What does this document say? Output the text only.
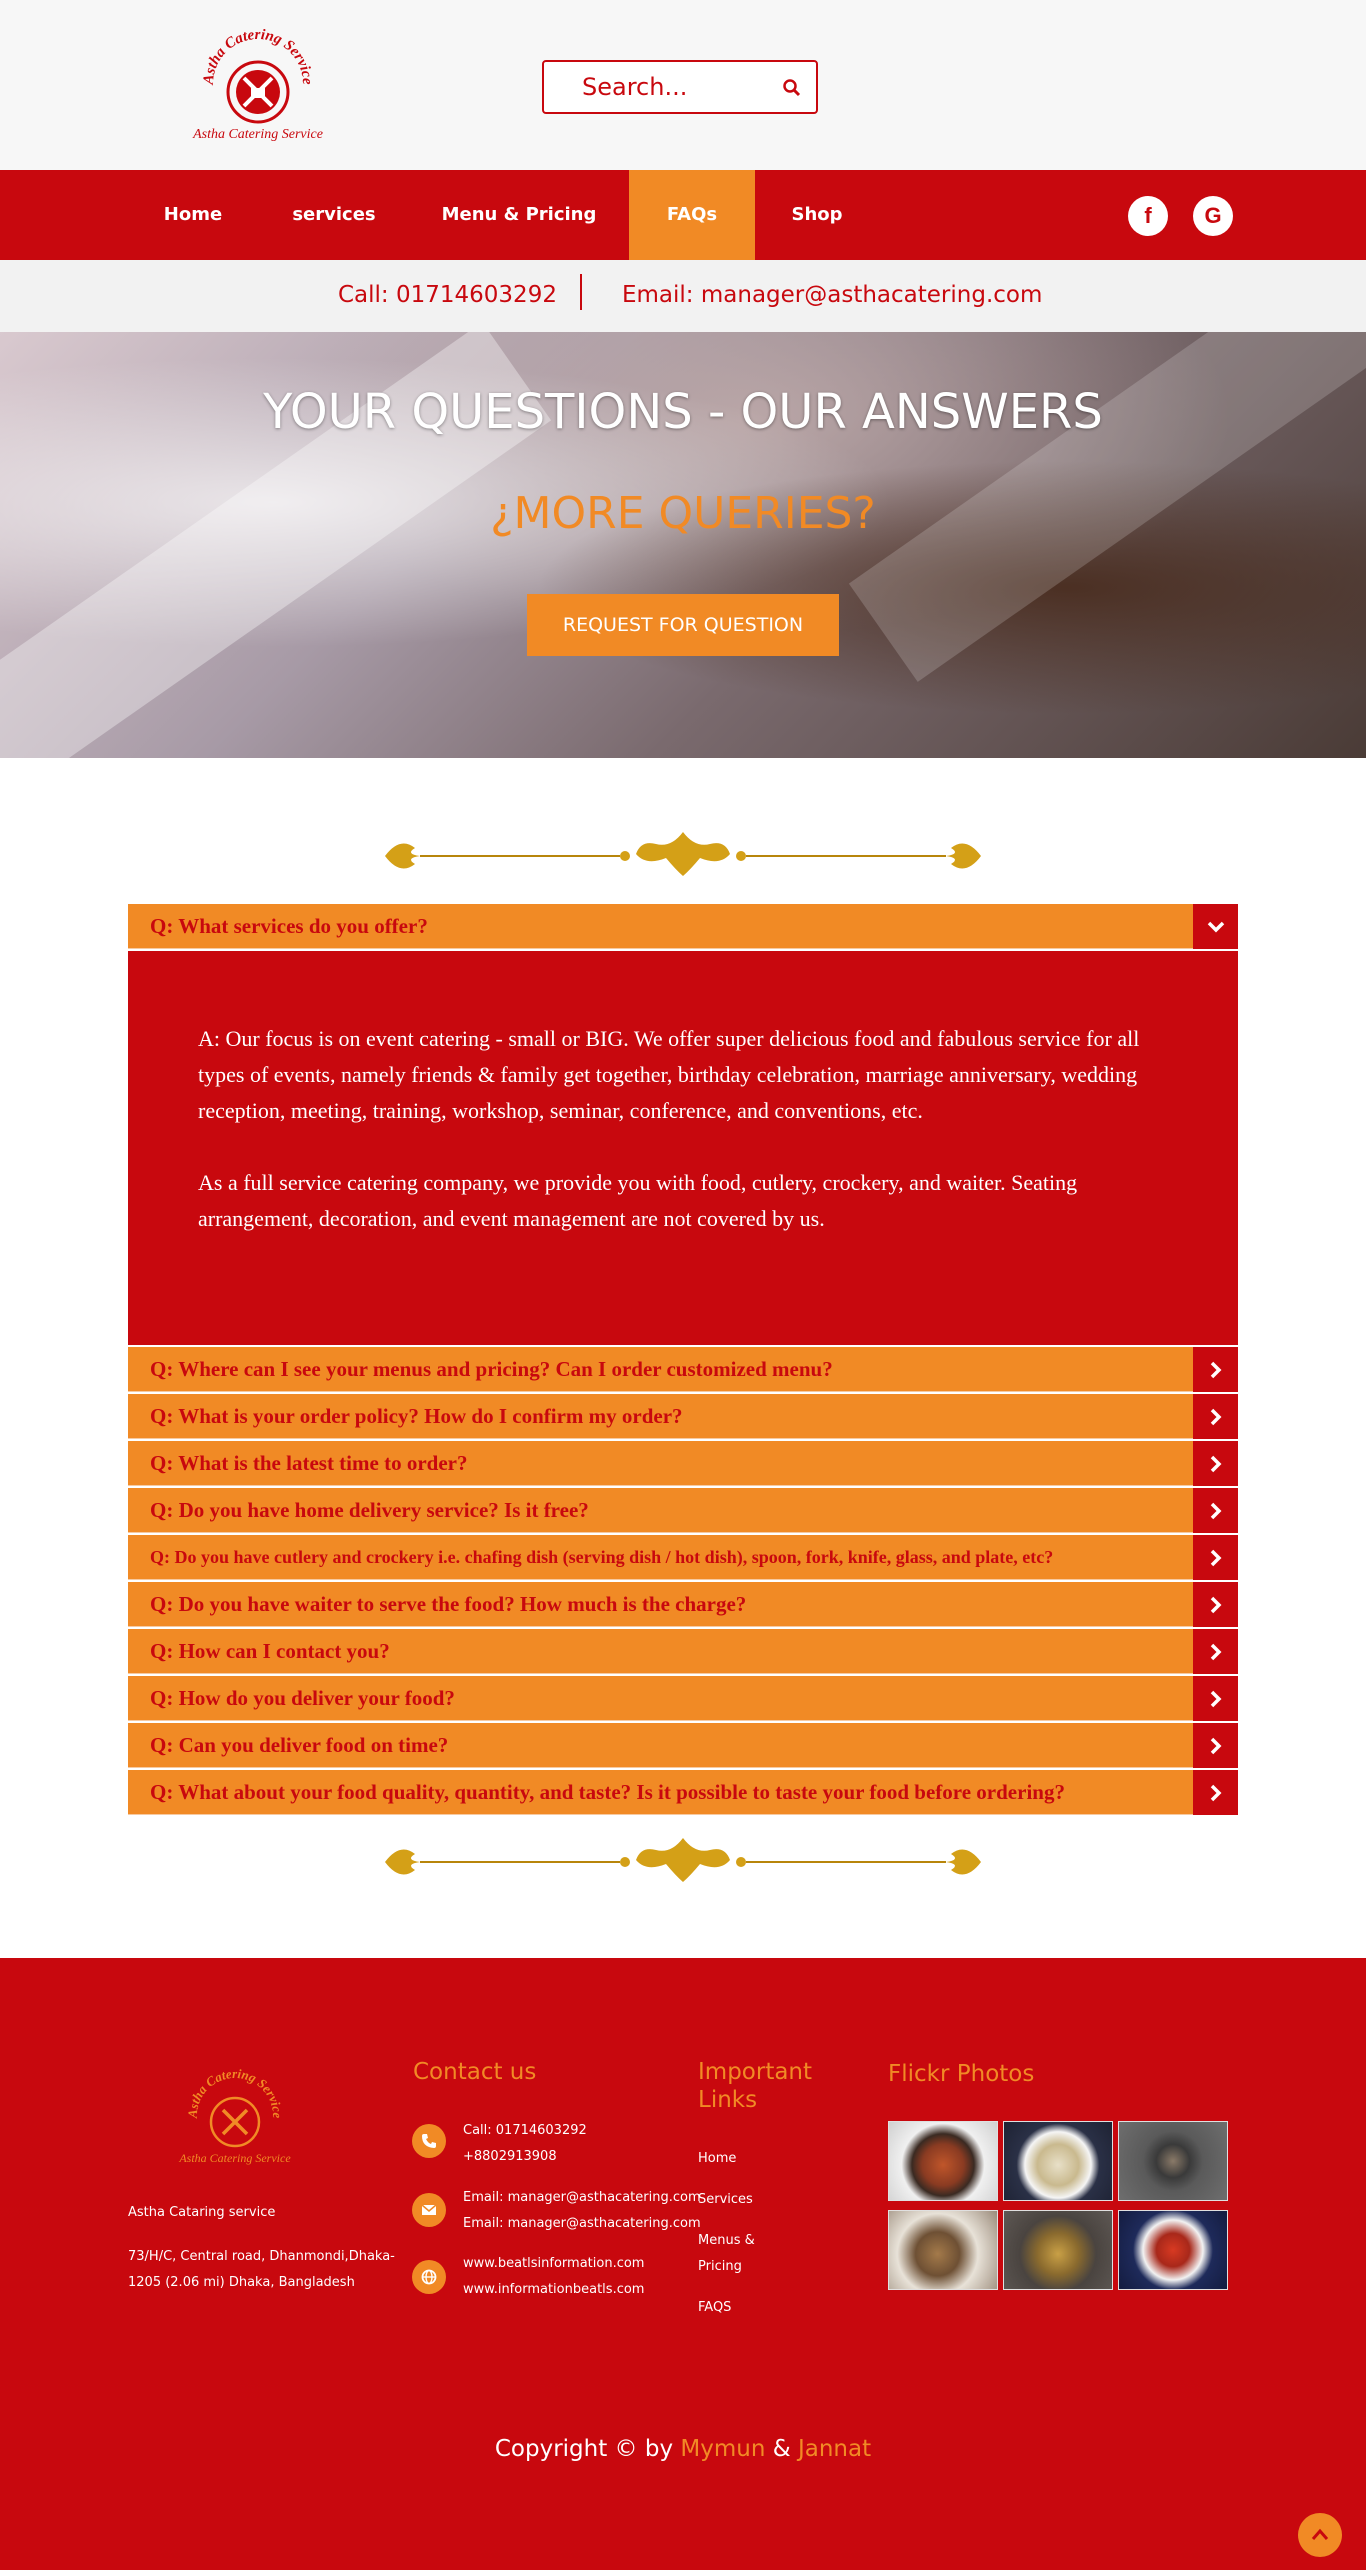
Astha Catering Service
Astha Catering Service
Search...
Home	services	Menu & Pricing	FAQs	Shop	f	G
Call: 01714603292	Email: manager@asthacatering.com
YOUR QUESTIONS - OUR ANSWERS
¿MORE QUERIES?
REQUEST FOR QUESTION
Q: What services do you offer?

A: Our focus is on event catering - small or BIG. We offer super delicious food and fabulous service for all types of events, namely friends & family get together, birthday celebration, marriage anniversary, wedding reception, meeting, training, workshop, seminar, conference, and conventions, etc.

As a full service catering company, we provide you with food, cutlery, crockery, and waiter. Seating arrangement, decoration, and event management are not covered by us.

Q: Where can I see your menus and pricing? Can I order customized menu?
Q: What is your order policy? How do I confirm my order?
Q: What is the latest time to order?
Q: Do you have home delivery service? Is it free?
Q: Do you have cutlery and crockery i.e. chafing dish (serving dish / hot dish), spoon, fork, knife, glass, and plate, etc?
Q: Do you have waiter to serve the food? How much is the charge?
Q: How can I contact you?
Q: How do you deliver your food?
Q: Can you deliver food on time?
Q: What about your food quality, quantity, and taste? Is it possible to taste your food before ordering?
Astha Catering Service
Astha Catering Service
Astha Cataring service
73/H/C, Central road, Dhanmondi,Dhaka-
1205 (2.06 mi) Dhaka, Bangladesh
Contact us
Call: 01714603292
+8802913908
Email: manager@asthacatering.com
Email: manager@asthacatering.com
www.beatlsinformation.com
www.informationbeatls.com
Important
Links
Home
Services
Menus &
Pricing
FAQS
Flickr Photos
Copyright © by Mymun & Jannat
